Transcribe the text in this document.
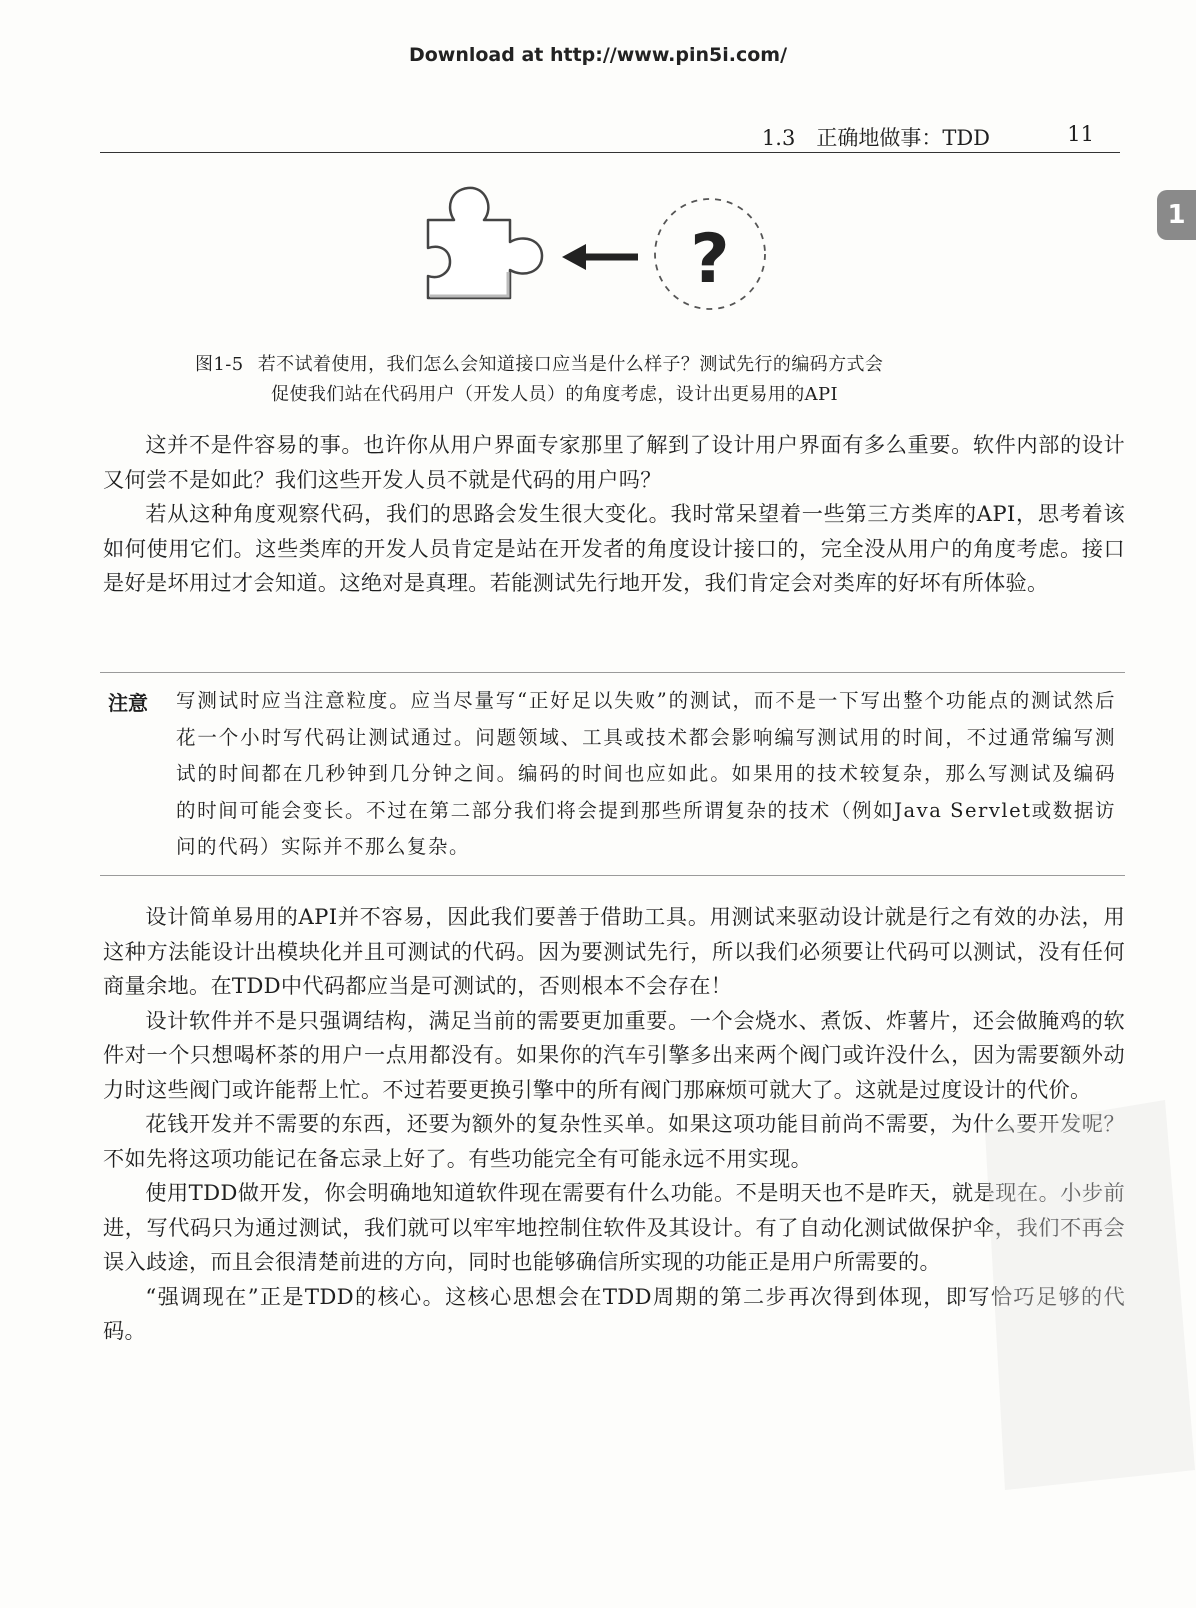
Download at http://www.pin5i.com/
1.3　正确地做事：TDD	11
1
?
图1-5 若不试着使用，我们怎么会知道接口应当是什么样子？测试先行的编码方式会
促使我们站在代码用户（开发人员）的角度考虑，设计出更易用的API

这并不是件容易的事。也许你从用户界面专家那里了解到了设计用户界面有多么重要。软件内部的设计又何尝不是如此？我们这些开发人员不就是代码的用户吗？

若从这种角度观察代码，我们的思路会发生很大变化。我时常呆望着一些第三方类库的API，思考着该如何使用它们。这些类库的开发人员肯定是站在开发者的角度设计接口的，完全没从用户的角度考虑。接口是好是坏用过才会知道。这绝对是真理。若能测试先行地开发，我们肯定会对类库的好坏有所体验。

注意 写测试时应当注意粒度。应当尽量写“正好足以失败”的测试，而不是一下写出整个功能点的测试然后花一个小时写代码让测试通过。问题领域、工具或技术都会影响编写测试用的时间，不过通常编写测试的时间都在几秒钟到几分钟之间。编码的时间也应如此。如果用的技术较复杂，那么写测试及编码的时间可能会变长。不过在第二部分我们将会提到那些所谓复杂的技术（例如Java Servlet或数据访问的代码）实际并不那么复杂。

设计简单易用的API并不容易，因此我们要善于借助工具。用测试来驱动设计就是行之有效的办法，用这种方法能设计出模块化并且可测试的代码。因为要测试先行，所以我们必须要让代码可以测试，没有任何商量余地。在TDD中代码都应当是可测试的，否则根本不会存在！

设计软件并不是只强调结构，满足当前的需要更加重要。一个会烧水、煮饭、炸薯片，还会做腌鸡的软件对一个只想喝杯茶的用户一点用都没有。如果你的汽车引擎多出来两个阀门或许没什么，因为需要额外动力时这些阀门或许能帮上忙。不过若要更换引擎中的所有阀门那麻烦可就大了。这就是过度设计的代价。

花钱开发并不需要的东西，还要为额外的复杂性买单。如果这项功能目前尚不需要，为什么要开发呢？不如先将这项功能记在备忘录上好了。有些功能完全有可能永远不用实现。

使用TDD做开发，你会明确地知道软件现在需要有什么功能。不是明天也不是昨天，就是现在。小步前进，写代码只为通过测试，我们就可以牢牢地控制住软件及其设计。有了自动化测试做保护伞，我们不再会误入歧途，而且会很清楚前进的方向，同时也能够确信所实现的功能正是用户所需要的。

“强调现在”正是TDD的核心。这核心思想会在TDD周期的第二步再次得到体现，即写恰巧足够的代码。
